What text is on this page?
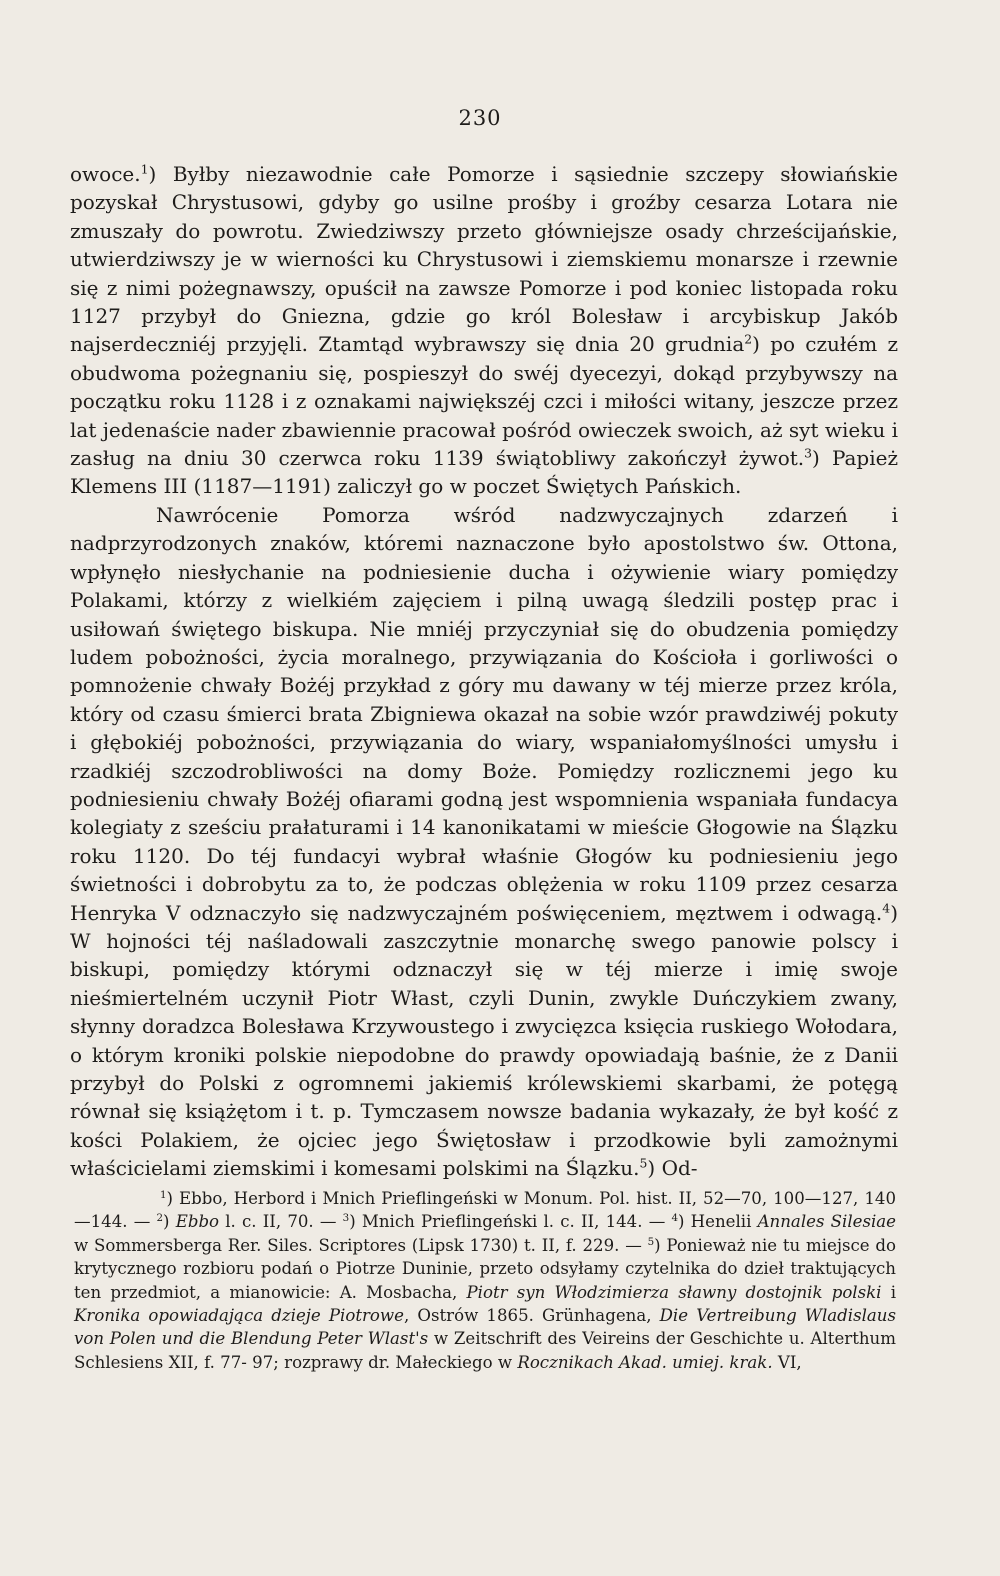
230

owoce.$^1$) Byłby niezawodnie całe Pomorze i sąsiednie szczepy słowiańskie pozyskał Chrystusowi, gdyby go usilne prośby i groźby cesarza Lotara nie zmuszały do powrotu. Zwiedziwszy przeto główniejsze osady chrześcijańskie, utwierdziwszy je w wierności ku Chrystusowi i ziemskiemu monarsze i rzewnie się z nimi pożegnawszy, opuścił na zawsze Pomorze i pod koniec listopada roku 1127 przybył do Gniezna, gdzie go król Bolesław i arcybiskup Jakób najserdeczniéj przyjęli. Ztamtąd wybrawszy się dnia 20 grudnia$^2$) po czułém z obudwoma pożegnaniu się, pospieszył do swéj dyecezyi, dokąd przybywszy na początku roku 1128 i z oznakami największéj czci i miłości witany, jeszcze przez lat jedenaście nader zbawiennie pracował pośród owieczek swoich, aż syt wieku i zasług na dniu 30 czerwca roku 1139 świątobliwy zakończył żywot.$^3$) Papież Klemens III (1187—1191) zaliczył go w poczet Świętych Pańskich.

Nawrócenie Pomorza wśród nadzwyczajnych zdarzeń i nadprzyrodzonych znaków, któremi naznaczone było apostolstwo św. Ottona, wpłynęło niesłychanie na podniesienie ducha i ożywienie wiary pomiędzy Polakami, którzy z wielkiém zajęciem i pilną uwagą śledzili postęp prac i usiłowań świętego biskupa. Nie mniéj przyczyniał się do obudzenia pomiędzy ludem pobożności, życia moralnego, przywiązania do Kościoła i gorliwości o pomnożenie chwały Bożéj przykład z góry mu dawany w téj mierze przez króla, który od czasu śmierci brata Zbigniewa okazał na sobie wzór prawdziwéj pokuty i głębokiéj pobożności, przywiązania do wiary, wspaniałomyślności umysłu i rzadkiéj szczodrobliwości na domy Boże. Pomiędzy rozlicznemi jego ku podniesieniu chwały Bożéj ofiarami godną jest wspomnienia wspaniała fundacya kolegiaty z sześciu prałaturami i 14 kanonikatami w mieście Głogowie na Ślązku roku 1120. Do téj fundacyi wybrał właśnie Głogów ku podniesieniu jego świetności i dobrobytu za to, że podczas oblężenia w roku 1109 przez cesarza Henryka V odznaczyło się nadzwyczajném poświęceniem, męztwem i odwagą.$^4$) W hojności téj naśladowali zaszczytnie monarchę swego panowie polscy i biskupi, pomiędzy którymi odznaczył się w téj mierze i imię swoje nieśmiertelném uczynił Piotr Włast, czyli Dunin, zwykle Duńczykiem zwany, słynny doradzca Bolesława Krzywoustego i zwycięzca księcia ruskiego Wołodara, o którym kroniki polskie niepodobne do prawdy opowiadają baśnie, że z Danii przybył do Polski z ogromnemi jakiemiś królewskiemi skarbami, że potęgą równał się książętom i t. p. Tymczasem nowsze badania wykazały, że był kość z kości Polakiem, że ojciec jego Świętosław i przodkowie byli zamożnymi właścicielami ziemskimi i komesami polskimi na Ślązku.$^5$) Od-

$^1$) Ebbo, Herbord i Mnich Prieflingeński w Monum. Pol. hist. II, 52—70, 100—127, 140—144. — $^2$) Ebbo l. c. II, 70. — $^3$) Mnich Prieflingeński l. c. II, 144. — $^4$) Henelii Annales Silesiae w Sommersberga Rer. Siles. Scriptores (Lipsk 1730) t. II, f. 229. — $^5$) Ponieważ nie tu miejsce do krytycznego rozbioru podań o Piotrze Duninie, przeto odsyłamy czytelnika do dzieł traktujących ten przedmiot, a mianowicie: A. Mosbacha, Piotr syn Włodzimierza sławny dostojnik polski i Kronika opowiadająca dzieje Piotrowe, Ostrów 1865. Grünhagena, Die Vertreibung Wladislaus von Polen und die Blendung Peter Wlast's w Zeitschrift des Veireins der Geschichte u. Alterthum Schlesiens XII, f. 77- 97; rozprawy dr. Małeckiego w Rocznikach Akad. umiej. krak. VI,
